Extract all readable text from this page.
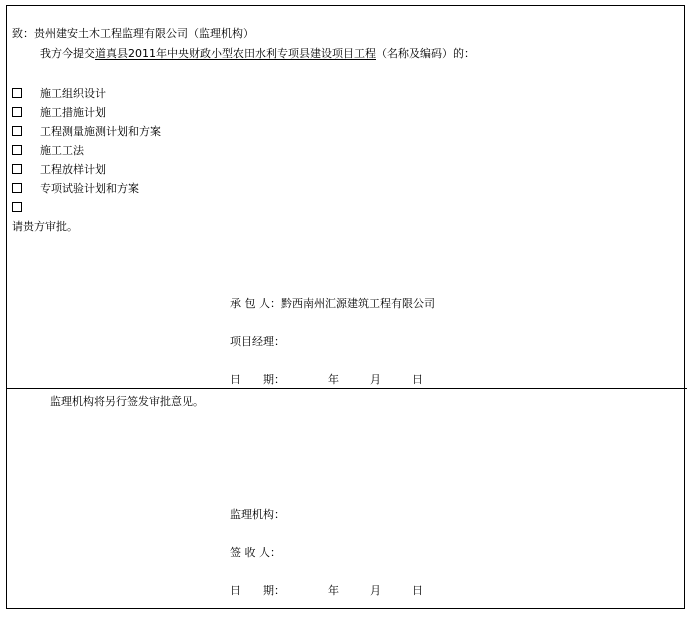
致：贵州建安土木工程监理有限公司（监理机构）
我方今提交道真县2011年中央财政小型农田水利专项县建设项目工程（名称及编码）的：
施工组织设计
施工措施计划
工程测量施测计划和方案
施工工法
工程放样计划
专项试验计划和方案
请贵方审批。
承 包 人：黔西南州汇源建筑工程有限公司
项目经理：
日　　期：	年	月	日
监理机构将另行签发审批意见。
监理机构：
签 收 人：
日　　期：	年	月	日
